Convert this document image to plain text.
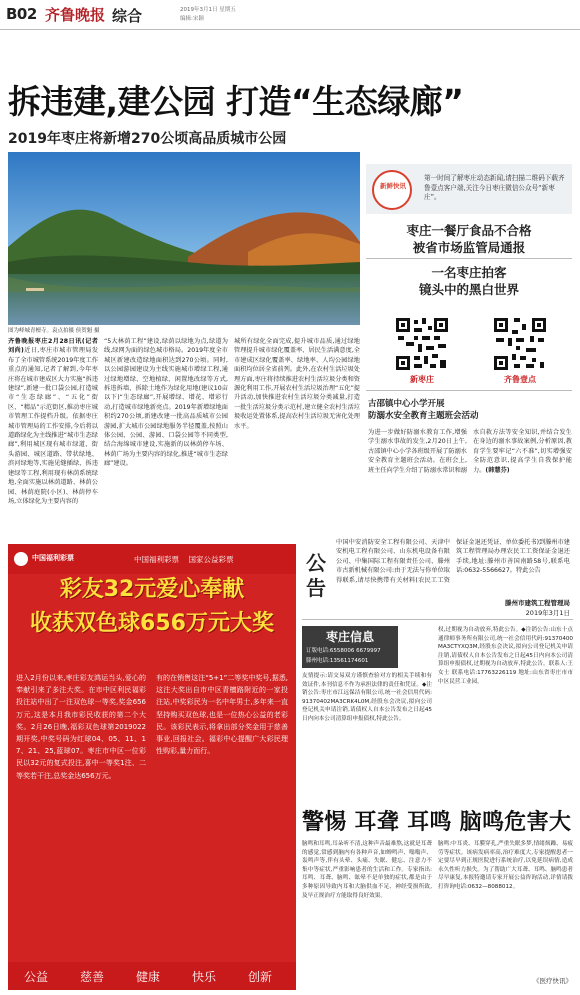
B02 齐鲁晚报 综合	2019年3月1日 星期五
编辑:宋颖
拆违建,建公园 打造“生态绿廊”
2019年枣庄将新增270公顷高品质城市公园
图为峄城青檀寺。袁点拍摄 侯贺魁 摄
齐鲁晚报枣庄2月28日讯(记者 刘尚)近日,枣庄市城市管理局发布了全市城管系统2019年度工作重点的通知,记者了解到,今年枣庄将在城市建成区大力实施“拆违建绿”,新建一批口袋公园,打造城市“生态绿廊”、“五化”街区、“精品”示范街区,推动枣庄城市管理工作提档升级。依据枣庄城市管理局的工作安排,今后将以道路绿化为主线推进“城市生态绿廊”,利用城区现有城市绿道、街头游园、城区道路、带状绿地、滨河绿地等,实施见缝插绿、拆违建绿等工程,利用现有林荫系统绿地,全面实施以林荫道路、林荫公园、林荫庭院(小区)、林荫停车场,立体绿化为主要内容的
“5大林荫工程”建设,绿荫以绿地为点,绿道为线,绿网为面的绿色城市格局。2019年度全市城区新建改造绿地面积达到270公顷。同时,以公园游园建设为主线实施城市增绿工程,通过绿地增绿、空地植绿、闲置地改绿等方式,拆违拆墙、拆除土地作为绿化用地(建议10亩以下)“生态绿廊”,开展增绿、增花、增彩行动,打造城市绿地新亮点。2019年新增绿地面积约270公顷,新建改建一批高品质城市公园游园,扩大城市公园绿地服务半径覆盖,按照山体公园、公园、游园、口袋公园等不同类型,结合海绵城市建设,实施新的以林荫停车场、林荫广场为主要内容的绿化,推进“城市生态绿廊”建设。
城所有绿化全面完成,提升城市品质,通过绿地管理提升城市绿化覆盖率、居民生活满意度,全市建成区绿化覆盖率、绿地率、人均公园绿地面积均位居全省前列。此外,在农村生活垃圾处理方面,枣庄将持续推进农村生活垃圾分类和资源化利用工作,开展农村生活垃圾治理“五化”提升活动,加快推进农村生活垃圾分类减量,打造一批生活垃圾分类示范村,建立健全农村生活垃圾收运处置体系,提高农村生活垃圾无害化处理水平。
新鲜快讯
第一时间了解枣庄动态新闻,请扫描二维码下载齐鲁壹点客户端,关注今日枣庄微信公众号“新枣庄”。
枣庄一餐厅食品不合格
被省市场监管局通报
一名枣庄拍客
镜头中的黑白世界
新枣庄	齐鲁壹点
古邵镇中心小学开展
防溺水安全教育主题班会活动
为进一步做好防溺水教育工作,增强学生溺水事故的发生,2月20日上午,古邵镇中心小学各班级开展了防溺水安全教育主题班会活动。在班会上,班主任向学生介绍了防溺水常识和溺水自救方法等安全知识,并结合发生在身边的溺水事故案例,分析原因,教育学生要牢记“六不准”,切实增强安全防范意识,提高学生自我保护能力。(韩慧芬)
中国福利彩票	中国福利彩票    国家公益彩票
彩友32元爱心奉献
收获双色球656万元大奖
进入2月份以来,枣庄彩友鸿运当头,爱心的奉献引来了多注大奖。在市中区利民福彩投注站中出了一注双色球一等奖,奖金656万元,这是本月我市彩民收获的第二个大奖。2月26日晚,福彩双色球第2019022期开奖,中奖号码为红球04、05、11、17、21、25,蓝球07。枣庄市中区一位彩民以32元的复式投注,喜中一等奖1注、二等奖若干注,总奖金达656万元。
有的在销售这注“5+1”二等奖中奖号,据悉,这注大奖出自市中区青檀路附近的一家投注站,中奖彩民为一名中年男士,多年来一直坚持购买双色球,也是一位热心公益的老彩民。该彩民表示,将拿出部分奖金用于慈善事业,回报社会。福彩中心提醒广大彩民理性购彩,量力而行。
公益	慈善	健康	快乐	创新
公告
中国中安消防安全工程有限公司、天津中安机电工程有限公司、山东机电设备有限公司、中集国际工程有限责任公司、滕州市古新机械有限公司:由于无法与你单位取得联系,请尽快携带有关材料(农民工工资保证金退还凭证、单位委托书)到滕州市建筑工程管理局办理农民工工资保证金退还手续,地址:滕州市善国南路58号,联系电话:0632-5566627。特此公告
滕州市建筑工程管理局
2019年3月1日
枣庄信息
订版电话:6558006 6679997
滕州电话:13561174601
友情提示:请交易双方谨慎查验对方的相关手续和有效证件,本刊信息不作为承担法律的责任和凭证。◆注销公告:枣庄市江远保洁有限公司,统一社会信用代码:91370402MA3CRK4L0M,经股东会决议,拟向公司登记机关申请注销,请债权人自本公告发布之日起45日内向本公司清算组申报债权,特此公告。
权,过期视为自动放弃,特此公告。◆注销公告:山东十点通律师事务所有限公司,统一社会信用代码:91370400MA3CTYXQ3M,经股东会决议,拟向公司登记机关申请注销,请债权人自本公告发布之日起45日内向本公司清算组申报债权,过期视为自动放弃,特此公告。联系人:王女士 联系电话:17763226119 地址:山东省枣庄市市中区民营工业园。
警惕 耳聋 耳鸣 脑鸣危害大
脑鸣和耳鸣,耳朵听不清,这种声音最难熬,这就是耳聋的感觉,常感到脑内有各种声音,如蝉鸣声、嗡嗡声、轰鸣声等,伴有头晕、头痛、失眠、健忘、注意力不集中等症状,严重影响患者的生活和工作。专家指出:耳鸣、耳聋、脑鸣、眩晕不是单独的症状,都是由于多种原因导致内耳和大脑供血不足、神经受损所致,及早正规治疗方能取得良好效果。
脑鸣:中耳炎、耳膜穿孔,严重失眠多梦,情绪烦躁、易疲劳等症状。该病发病率高,治疗难度大,专家提醒患者一定要尽早到正规医院进行系统治疗,以免延误病情,造成永久性听力损失。为了帮助广大耳聋、耳鸣、脑鸣患者尽早康复,本报特邀请专家开展公益咨询活动,详情请拨打咨询电话:0632—8088012。
《医疗快讯》
